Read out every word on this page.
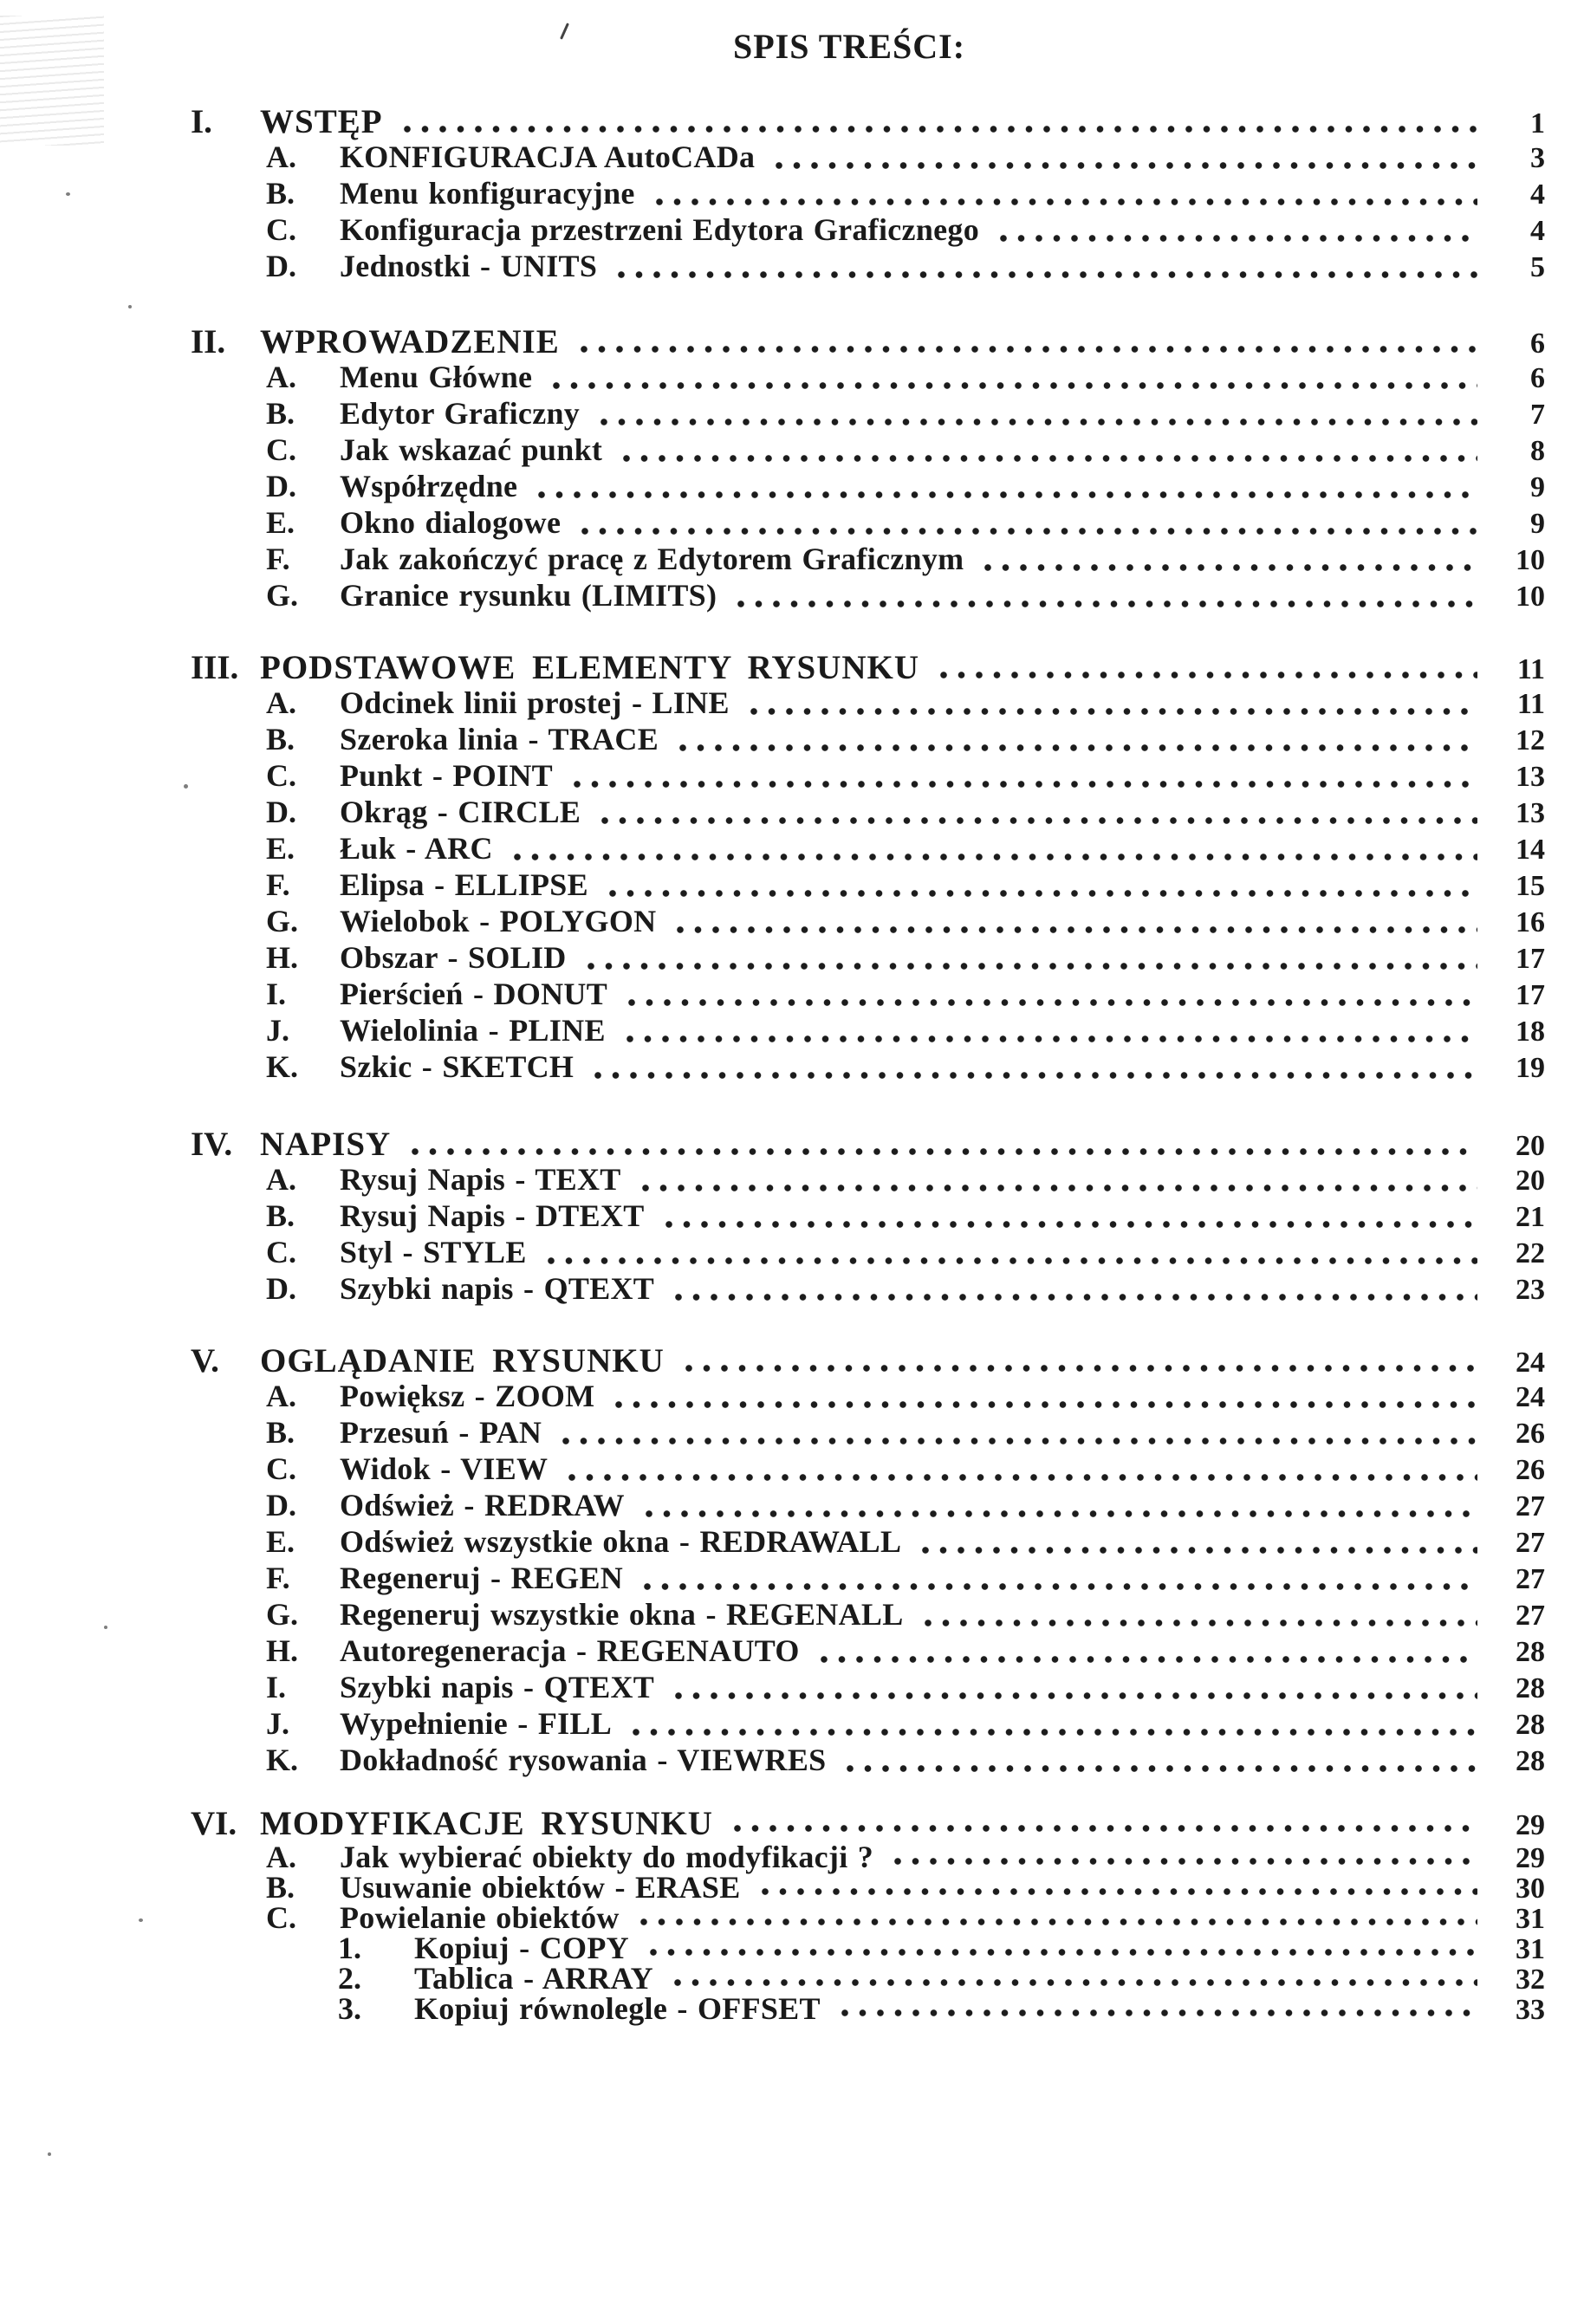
SPIS TREŚCI:
I.	WSTĘP	1
A.	KONFIGURACJA AutoCADa	3
B.	Menu konfiguracyjne	4
C.	Konfiguracja przestrzeni Edytora Graficznego	4
D.	Jednostki - UNITS	5
II.	WPROWADZENIE	6
A.	Menu Główne	6
B.	Edytor Graficzny	7
C.	Jak wskazać punkt	8
D.	Współrzędne	9
E.	Okno dialogowe	9
F.	Jak zakończyć pracę z Edytorem Graficznym	10
G.	Granice rysunku (LIMITS)	10
III. PODSTAWOWE ELEMENTY RYSUNKU	11
A.	Odcinek linii prostej - LINE	11
B.	Szeroka linia - TRACE	12
C.	Punkt - POINT	13
D.	Okrąg - CIRCLE	13
E.	Łuk - ARC	14
F.	Elipsa - ELLIPSE	15
G.	Wielobok - POLYGON	16
H.	Obszar - SOLID	17
I.	Pierścień - DONUT	17
J.	Wielolinia - PLINE	18
K.	Szkic - SKETCH	19
IV. NAPISY	20
A.	Rysuj Napis - TEXT	20
B.	Rysuj Napis - DTEXT	21
C.	Styl - STYLE	22
D.	Szybki napis - QTEXT	23
V.	OGLĄDANIE RYSUNKU	24
A.	Powiększ - ZOOM	24
B.	Przesuń - PAN	26
C.	Widok - VIEW	26
D.	Odśwież - REDRAW	27
E.	Odśwież wszystkie okna - REDRAWALL	27
F.	Regeneruj - REGEN	27
G.	Regeneruj wszystkie okna - REGENALL	27
H.	Autoregeneracja - REGENAUTO	28
I.	Szybki napis - QTEXT	28
J.	Wypełnienie - FILL	28
K.	Dokładność rysowania - VIEWRES	28
VI. MODYFIKACJE RYSUNKU	29
A.	Jak wybierać obiekty do modyfikacji ?	29
B.	Usuwanie obiektów - ERASE	30
C.	Powielanie obiektów	31
1.	Kopiuj - COPY	31
2.	Tablica - ARRAY	32
3.	Kopiuj równolegle - OFFSET	33
